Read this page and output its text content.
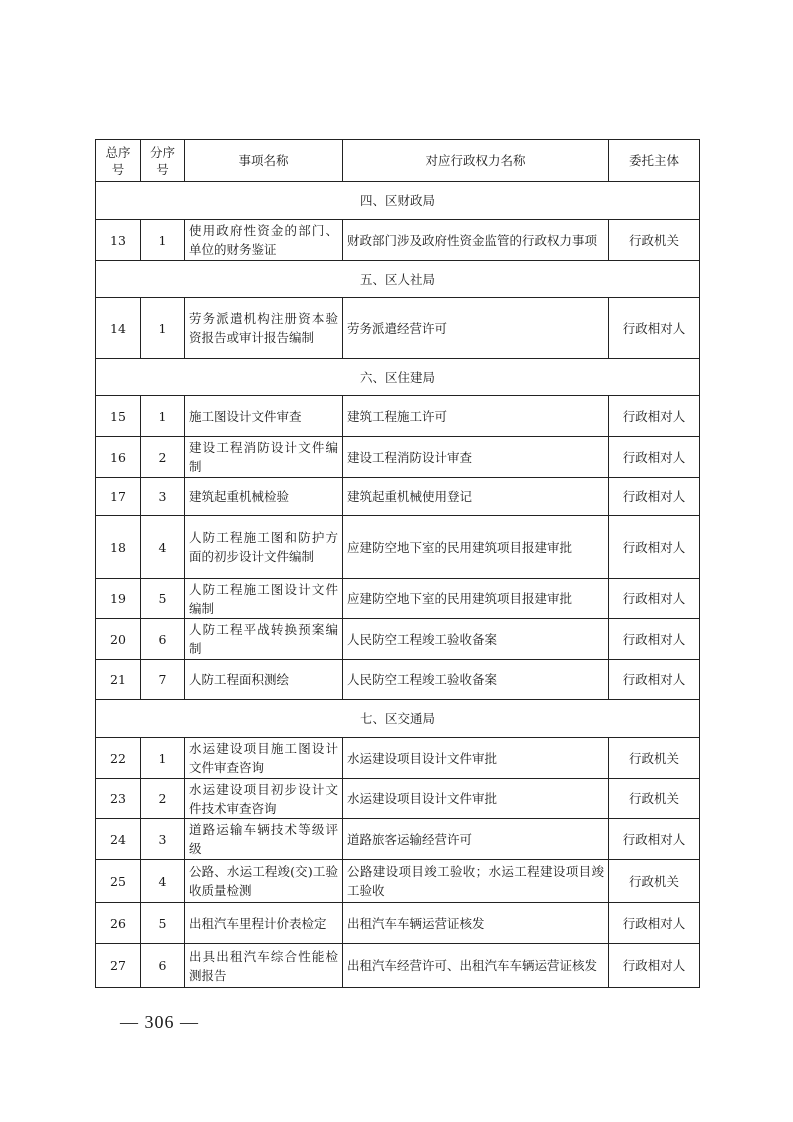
总序号	分序号	事项名称	对应行政权力名称	委托主体
四、区财政局				
13	1	使用政府性资金的部门、单位的财务鉴证	财政部门涉及政府性资金监管的行政权力事项	行政机关
五、区人社局				
14	1	劳务派遣机构注册资本验资报告或审计报告编制	劳务派遣经营许可	行政相对人
六、区住建局				
15	1	施工图设计文件审查	建筑工程施工许可	行政相对人
16	2	建设工程消防设计文件编制	建设工程消防设计审查	行政相对人
17	3	建筑起重机械检验	建筑起重机械使用登记	行政相对人
18	4	人防工程施工图和防护方面的初步设计文件编制	应建防空地下室的民用建筑项目报建审批	行政相对人
19	5	人防工程施工图设计文件编制	应建防空地下室的民用建筑项目报建审批	行政相对人
20	6	人防工程平战转换预案编制	人民防空工程竣工验收备案	行政相对人
21	7	人防工程面积测绘	人民防空工程竣工验收备案	行政相对人
七、区交通局				
22	1	水运建设项目施工图设计文件审查咨询	水运建设项目设计文件审批	行政机关
23	2	水运建设项目初步设计文件技术审查咨询	水运建设项目设计文件审批	行政机关
24	3	道路运输车辆技术等级评级	道路旅客运输经营许可	行政相对人
25	4	公路、水运工程竣(交)工验收质量检测	公路建设项目竣工验收；水运工程建设项目竣工验收	行政机关
26	5	出租汽车里程计价表检定	出租汽车车辆运营证核发	行政相对人
27	6	出具出租汽车综合性能检测报告	出租汽车经营许可、出租汽车车辆运营证核发	行政相对人
— 306 —
